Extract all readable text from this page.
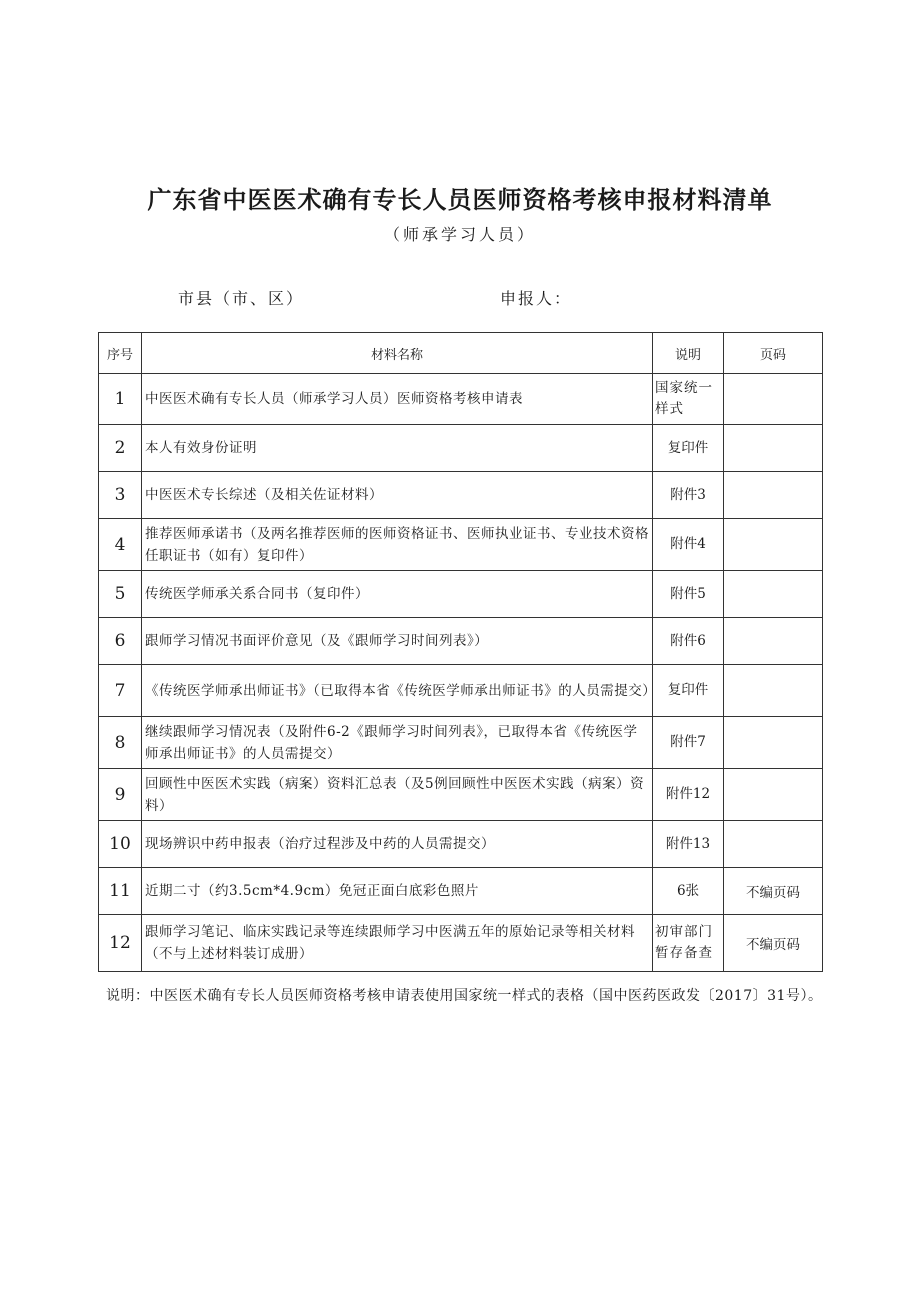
广东省中医医术确有专长人员医师资格考核申报材料清单
（师承学习人员）
市县（市、区）	申报人：
序号	材料名称	说明	页码
1	中医医术确有专长人员（师承学习人员）医师资格考核申请表	国家统一样式	
2	本人有效身份证明	复印件	
3	中医医术专长综述（及相关佐证材料）	附件3	
4	推荐医师承诺书（及两名推荐医师的医师资格证书、医师执业证书、专业技术资格任职证书（如有）复印件）	附件4	
5	传统医学师承关系合同书（复印件）	附件5	
6	跟师学习情况书面评价意见（及《跟师学习时间列表》）	附件6	
7	《传统医学师承出师证书》（已取得本省《传统医学师承出师证书》的人员需提交）	复印件	
8	继续跟师学习情况表（及附件6-2《跟师学习时间列表》，已取得本省《传统医学师承出师证书》的人员需提交）	附件7	
9	回顾性中医医术实践（病案）资料汇总表（及5例回顾性中医医术实践（病案）资料）	附件12	
10	现场辨识中药申报表（治疗过程涉及中药的人员需提交）	附件13	
11	近期二寸（约3.5cm*4.9cm）免冠正面白底彩色照片	6张	不编页码
12	跟师学习笔记、临床实践记录等连续跟师学习中医满五年的原始记录等相关材料（不与上述材料装订成册）	初审部门暂存备查	不编页码
说明：中医医术确有专长人员医师资格考核申请表使用国家统一样式的表格（国中医药医政发〔2017〕31号）。
